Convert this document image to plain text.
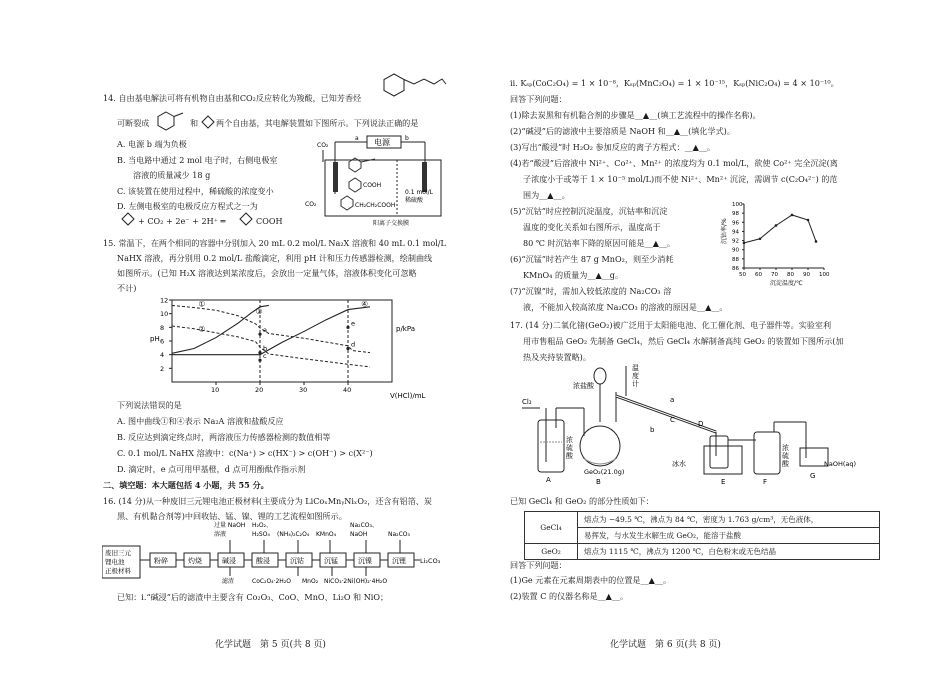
14. 自由基电解法可将有机物自由基和CO₂反应转化为羧酸，已知芳香烃
可断裂成	和 两个自由基，其电解装置如下图所示。下列说法正确的是
A. 电源 b 端为负极
B. 当电路中通过 2 mol 电子时，右侧电极室
溶液的质量减少 18 g
C. 该装置在使用过程中，稀硫酸的浓度变小
D. 左侧电极室的电极反应方程式之一为
+ CO₂ + 2e⁻ + 2H⁺ ═	COOH
电源
a	b
CO₂
COOH
CH₂CH₂COOH
CO₂
0.1 mol/L
稀硫酸
阳离子交换膜
15. 常温下，在两个相同的容器中分别加入 20 mL 0.2 mol/L Na₂X 溶液和 40 mL 0.1 mol/L
NaHX 溶液，再分别用 0.2 mol/L 盐酸滴定，利用 pH 计和压力传感器检测，绘制曲线
如图所示。(已知 H₂X 溶液达到某浓度后，会放出一定量气体，溶液体积变化可忽略
不计)
pH
p/kPa
V(HCl)/mL
2
4
6
8
10
12
10	20	30	40
①
②
③
④
a
b
c
d
e
下列说法错误的是
A. 图中曲线①和④表示 Na₂A 溶液和盐酸反应
B. 反应达到滴定终点时，两溶液压力传感器检测的数值相等
C. 0.1 mol/L NaHX 溶液中：c(Na⁺) > c(HX⁻) > c(OH⁻) > c(X²⁻)
D. 滴定时，e 点可用甲基橙，d 点可用酚酞作指示剂
二、填空题：本大题包括 4 小题，共 55 分。
16. (14 分)从一种废旧三元锂电池正极材料(主要成分为 LiCoₓMnᵧNiₓO₂，还含有铝箔、炭
黑、有机黏合剂等)中回收钴、锰、镍、锂的工艺流程如图所示。
废旧三元
锂电池
正极材料
粉碎	灼烧	碱浸	酸浸	沉钴	沉锰	沉镍	沉锂 Li₂CO₃
过量 NaOH
溶液
H₂O₂、
H₂SO₄ (NH₄)₂C₂O₄ KMnO₄
Na₂CO₃、
NaOH	Na₂CO₃
滤渣	CoC₂O₄·2H₂O MnO₂ NiCO₃·2Ni(OH)₂·4H₂O
已知：ⅰ.“碱浸”后的滤渣中主要含有 Co₂O₃、CoO、MnO、Li₂O 和 NiO；
化学试题　第 5 页(共 8 页)
ⅱ. Kₛₚ(CoC₂O₄) = 1 × 10⁻⁸，Kₛₚ(MnC₂O₄) = 1 × 10⁻¹⁵，Kₛₚ(NiC₂O₄) = 4 × 10⁻¹⁰。
回答下列问题：
(1)除去炭黑和有机黏合剂的步骤是__▲__(填工艺流程中的操作名称)。
(2)“碱浸”后的滤液中主要溶质是 NaOH 和__▲__(填化学式)。
(3)写出“酸浸”时 H₂O₂ 参加反应的离子方程式：__▲__。
(4)若“酸浸”后溶液中 Ni²⁺、Co²⁺、Mn²⁺ 的浓度均为 0.1 mol/L，欲使 Co²⁺ 完全沉淀(离
子浓度小于或等于 1 × 10⁻⁵ mol/L)而不使 Ni²⁺、Mn²⁺ 沉淀，需调节 c(C₂O₄²⁻) 的范
围为__▲__。
(5)“沉钴”时应控制沉淀温度，沉钴率和沉淀
温度的变化关系如右图所示，温度高于
80 ℃ 时沉钴率下降的原因可能是__▲__。
(6)“沉锰”时若产生 87 g MnO₂，则至少消耗
KMnO₄ 的质量为__▲__g。
(7)“沉镍”时，需加入较低浓度的 Na₂CO₃ 溶
液，不能加入较高浓度 Na₂CO₃ 的溶液的原因是__▲__。
86
88
90
92
94
96
98
100
50 60 70 80 90 100
沉淀温度/℃
沉钴率/%
17. (14 分)二氧化锗(GeO₂)被广泛用于太阳能电池、化工催化剂、电子器件等。实验室利
用市售粗品 GeO₂ 先制备 GeCl₄，然后 GeCl₄ 水解制备高纯 GeO₂ 的装置如下图所示(加
热及夹持装置略)。
Cl₂
浓
硫
酸
A
浓盐酸
GeO₂(21.0g)
B
温
度
计
a
b
C	D
冰水
E
浓
硫
酸
F
NaOH(aq)
G
已知 GeCl₄ 和 GeO₂ 的部分性质如下：
GeCl₄	熔点为 −49.5 ℃，沸点为 84 ℃，密度为 1.763 g/cm³，无色液体，
	易挥发，与水发生水解生成 GeO₂，能溶于盐酸
GeO₂	熔点为 1115 ℃，沸点为 1200 ℃，白色粉末或无色结晶
回答下列问题：
(1)Ge 元素在元素周期表中的位置是__▲__。
(2)装置 C 的仪器名称是__▲__。
化学试题　第 6 页(共 8 页)
